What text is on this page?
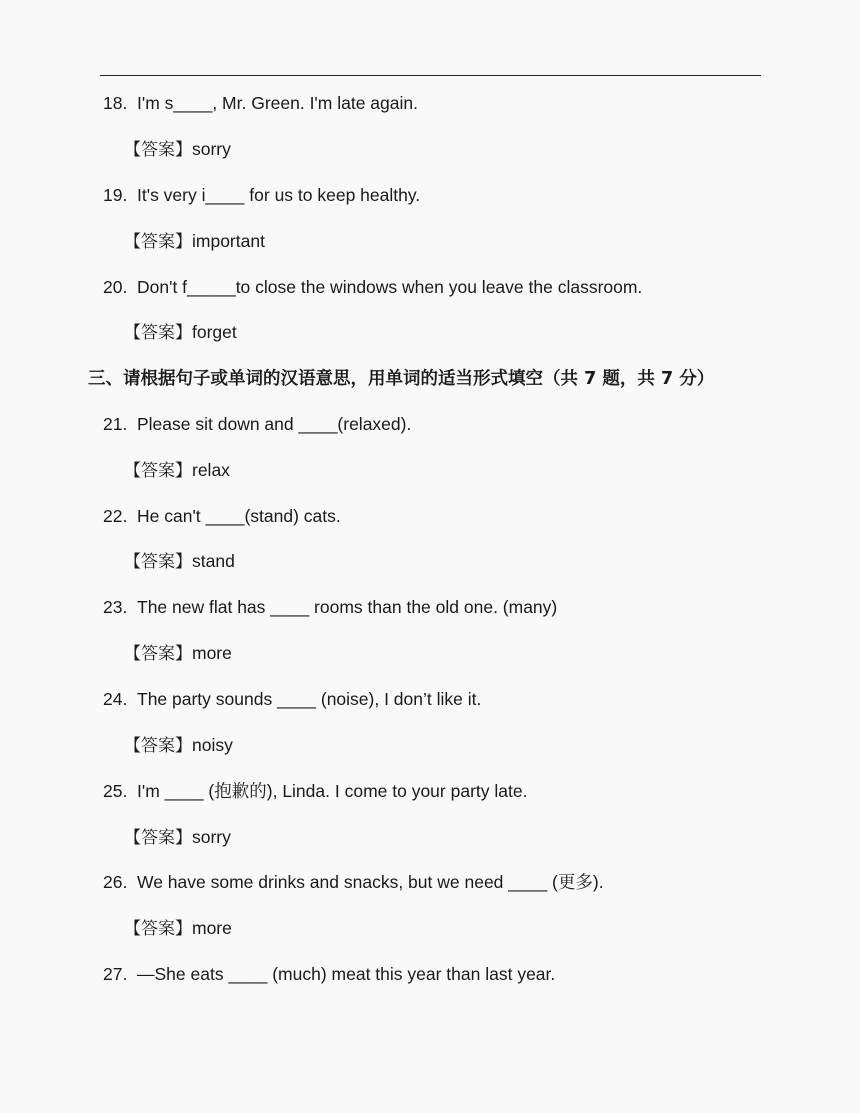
18. I'm s____, Mr. Green. I'm late again.
【答案】sorry
19. It's very i____ for us to keep healthy.
【答案】important
20. Don't f_____to close the windows when you leave the classroom.
【答案】forget
三、请根据句子或单词的汉语意思，用单词的适当形式填空（共 7 题，共 7 分）
21. Please sit down and ____(relaxed).
【答案】relax
22. He can't ____(stand) cats.
【答案】stand
23. The new flat has ____ rooms than the old one. (many)
【答案】more
24. The party sounds ____ (noise), I don’t like it.
【答案】noisy
25. I'm ____ (抱歉的), Linda. I come to your party late.
【答案】sorry
26. We have some drinks and snacks, but we need ____ (更多).
【答案】more
27. —She eats ____ (much) meat this year than last year.
